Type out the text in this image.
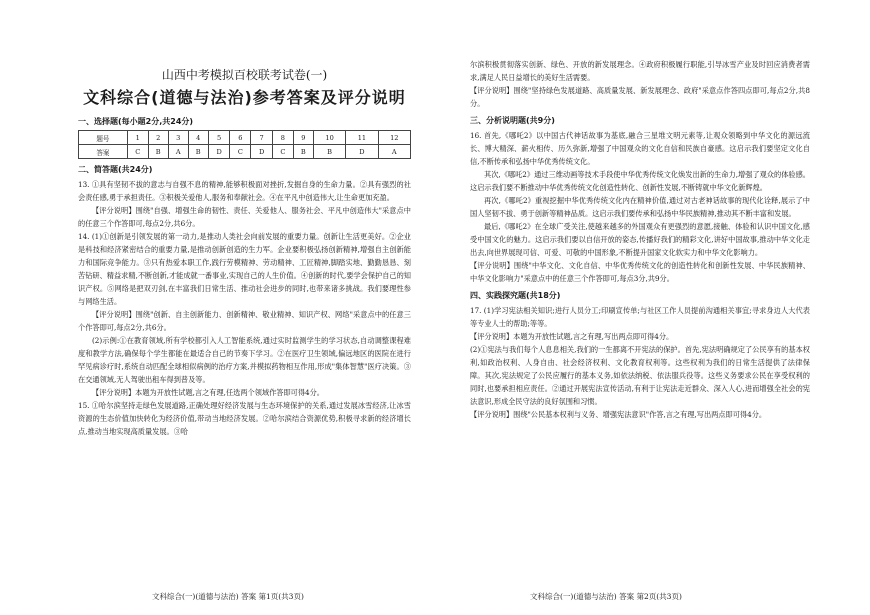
山西中考模拟百校联考试卷(一)
文科综合(道德与法治)参考答案及评分说明
一、选择题(每小题2分,共24分)
题号	1	2	3	4	5	6	7	8	9	10	11	12
答案	C	B	A	B	D	C	D	C	B	B	D	A
二、简答题(共24分)

13. ①具有坚韧不拔的意志与自强不息的精神,能够积极面对挫折,发掘自身的生命力量。②具有强烈的社会责任感,勇于承担责任。③积极关爱他人,服务和奉献社会。④在平凡中创造伟大,让生命更加充盈。

【评分说明】围绕"自强、增强生命的韧性、责任、关爱他人、服务社会、平凡中创造伟大"采意点中的任意三个作答即可,每点2分,共6分。

14. (1)①创新是引领发展的第一动力,是推动人类社会向前发展的重要力量。创新让生活更美好。②企业是科技和经济紧密结合的重要力量,是推动创新创造的生力军。企业要积极弘扬创新精神,增强自主创新能力和国际竞争能力。③只有热爱本职工作,践行劳模精神、劳动精神、工匠精神,脚踏实地、勤勤恳恳、刻苦钻研、精益求精,不断创新,才能成就一番事业,实现自己的人生价值。④创新的时代,要学会保护自己的知识产权。⑤网络是把双刃剑,在丰富我们日常生活、推动社会进步的同时,也带来诸多挑战。我们要理性参与网络生活。

【评分说明】围绕"创新、自主创新能力、创新精神、敬业精神、知识产权、网络"采意点中的任意三个作答即可,每点2分,共6分。

(2)示例:①在教育领域,所有学校都引入人工智能系统,通过实时监测学生的学习状态,自动调整课程难度和教学方法,确保每个学生都能在最适合自己的节奏下学习。②在医疗卫生领域,偏远地区的医院在进行罕见病诊疗时,系统自动匹配全球相似病例的治疗方案,并模拟药物相互作用,形成"集体智慧"医疗决策。③在交通领域,无人驾驶出租车得到普及等。

【评分说明】本题为开放性试题,言之有理,任选两个领域作答即可得4分。

15. ①哈尔滨坚持走绿色发展道路,正确处理好经济发展与生态环境保护的关系,通过发展冰雪经济,让冰雪资源的生态价值加快转化为经济价值,带动当地经济发展。②哈尔滨结合资源优势,积极寻求新的经济增长点,推动当地实现高质量发展。③哈

尔滨积极贯彻落实创新、绿色、开放的新发展理念。④政府积极履行职能,引导冰雪产业及时回应消费者需求,满足人民日益增长的美好生活需要。

【评分说明】围绕"坚持绿色发展道路、高质量发展、新发展理念、政府"采意点作答四点即可,每点2分,共8分。

三、分析说明题(共9分)

16. 首先,《哪吒2》以中国古代神话故事为基底,融合三星堆文明元素等,让观众领略到中华文化的源远流长、博大精深、薪火相传、历久弥新,增强了中国观众的文化自信和民族自豪感。这启示我们要坚定文化自信,不断传承和弘扬中华优秀传统文化。

其次,《哪吒2》通过三维动画等技术手段使中华优秀传统文化焕发出新的生命力,增强了观众的体验感。这启示我们要不断推动中华优秀传统文化创造性转化、创新性发展,不断铸就中华文化新辉煌。

再次,《哪吒2》重视挖掘中华优秀传统文化内在精神价值,通过对古老神话故事的现代化诠释,展示了中国人坚韧不拔、勇于创新等精神品质。这启示我们要传承和弘扬中华民族精神,推动其不断丰富和发展。

最后,《哪吒2》在全球广受关注,使越来越多的外国观众有更强烈的意愿,接触、体验和认识中国文化,感受中国文化的魅力。这启示我们要以自信开放的姿态,传播好我们的精彩文化,讲好中国故事,推动中华文化走出去,向世界展现可信、可爱、可敬的中国形象,不断提升国家文化软实力和中华文化影响力。

【评分说明】围绕"中华文化、文化自信、中华优秀传统文化的创造性转化和创新性发展、中华民族精神、中华文化影响力"采意点中的任意三个作答即可,每点3分,共9分。

四、实践探究题(共18分)

17. (1)学习宪法相关知识;进行人员分工;印刷宣传单;与社区工作人员提前沟通相关事宜;寻求身边人大代表等专业人士的帮助;等等。

【评分说明】本题为开放性试题,言之有理,写出两点即可得4分。

(2)①宪法与我们每个人息息相关,我们的一生都离不开宪法的保护。首先,宪法明确规定了公民享有的基本权利,如政治权利、人身自由、社会经济权利、文化教育权利等。这些权利为我们的日常生活提供了法律保障。其次,宪法规定了公民应履行的基本义务,如依法纳税、依法服兵役等。这些义务要求公民在享受权利的同时,也要承担相应责任。②通过开展宪法宣传活动,有利于让宪法走近群众、深入人心,进而增强全社会的宪法意识,形成全民守法的良好氛围和习惯。

【评分说明】围绕"公民基本权利与义务、增强宪法意识"作答,言之有理,写出两点即可得4分。

文科综合(一)(道德与法治) 答案 第1页(共3页)	文科综合(一)(道德与法治) 答案 第2页(共3页)
